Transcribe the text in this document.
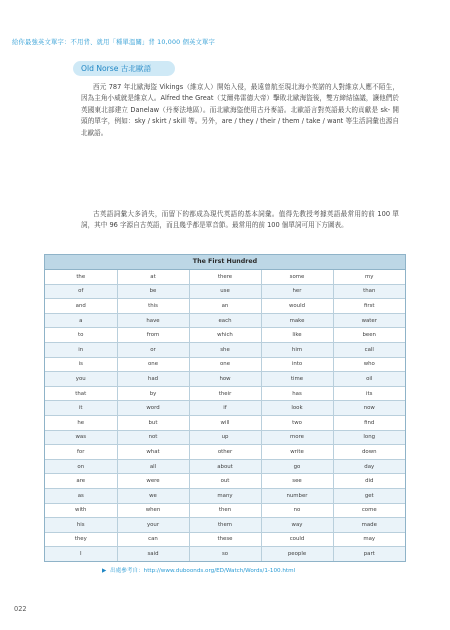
給你最強英文單字：不用背、就用「種單溫關」背 10,000 個英文單字
Old Norse 古北歐語

西元 787 年北歐海盜 Vikings（維京人）開始入侵，最遠曾航至現北海小英諾的人對維京人應不陌生，因為主角小威就是維京人。Alfred the Great（艾爾弗雷德大帝）擊敗北歐海盜後，雙方締結協議，讓他們於英國東北部建立 Danelaw（丹麥法地區）。而北歐海盜使用古丹麥語。北歐語言對英語最大的貢獻是 sk- 開頭的單字，例如：sky / skirt / skill 等。另外，are / they / their / them / take / want 等生活詞彙也源自北歐語。

古英語詞彙大多消失，而留下的都成為現代英語的基本詞彙。值得先教授考據英語最常用的前 100 單詞，其中 96 字源自古英語，而且幾乎都是單音節。最常用的前 100 個單詞可用下方圖表。

The First Hundred
the	at	there	some	my
of	be	use	her	than
and	this	an	would	first
a	have	each	make	water
to	from	which	like	been
in	or	she	him	call
is	one	one	into	who
you	had	how	time	oil
that	by	their	has	its
it	word	if	look	now
he	but	will	two	find
was	not	up	more	long
for	what	other	write	down
on	all	about	go	day
are	were	out	see	did
as	we	many	number	get
with	when	then	no	come
his	your	them	way	made
they	can	these	could	may
I	said	so	people	part
▶ 出處參考自：http://www.duboonds.org/ED/Watch/Words/1-100.html
022
